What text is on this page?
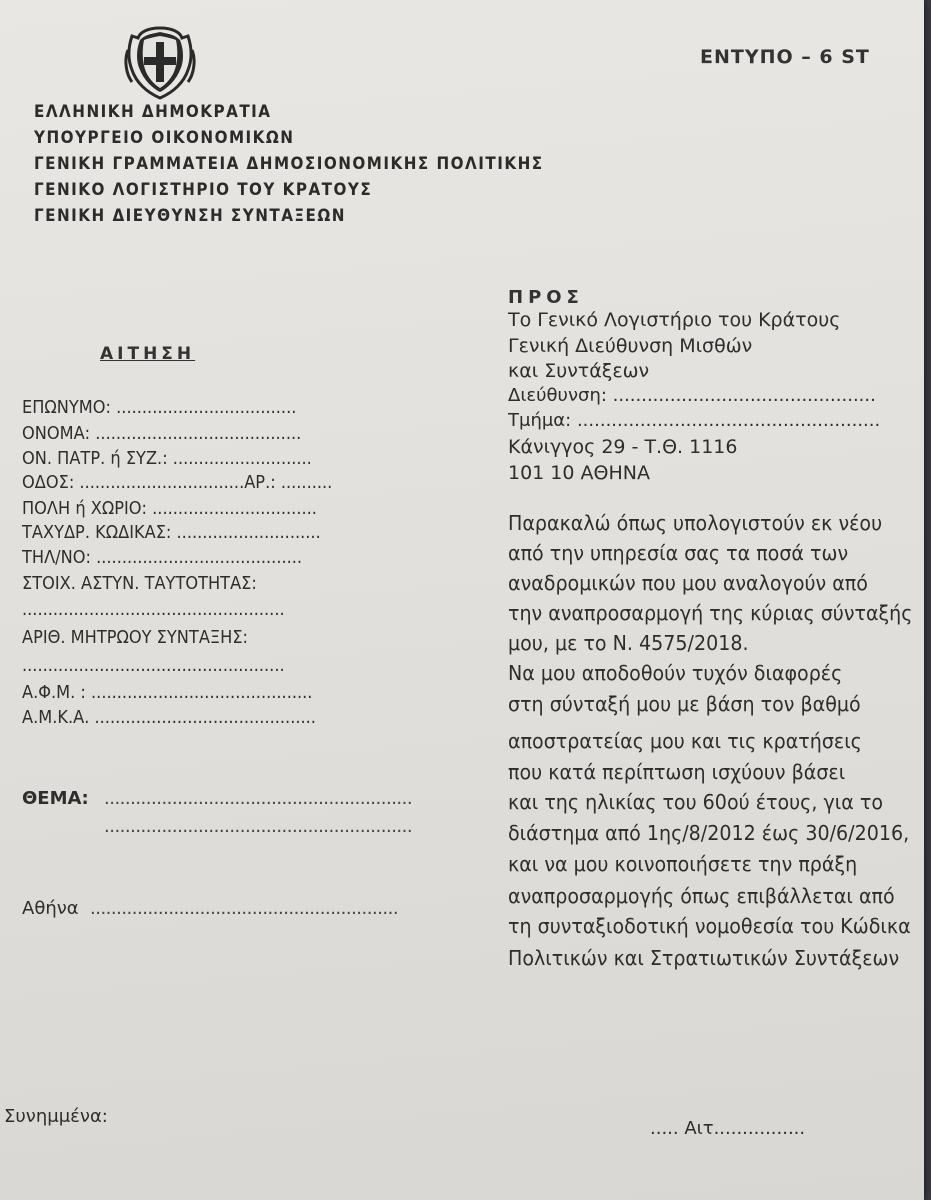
ΕΝΤΥΠΟ – 6 ST
ΕΛΛΗΝΙΚΗ ΔΗΜΟΚΡΑΤΙΑ
ΥΠΟΥΡΓΕΙΟ ΟΙΚΟΝΟΜΙΚΩΝ
ΓΕΝΙΚΗ ΓΡΑΜΜΑΤΕΙΑ ΔΗΜΟΣΙΟΝΟΜΙΚΗΣ ΠΟΛΙΤΙΚΗΣ
ΓΕΝΙΚΟ ΛΟΓΙΣΤΗΡΙΟ ΤΟΥ ΚΡΑΤΟΥΣ
ΓΕΝΙΚΗ ΔΙΕΥΘΥΝΣΗ ΣΥΝΤΑΞΕΩΝ
ΑΙΤΗΣΗ
ΕΠΩΝΥΜΟ: ...................................
ΟΝΟΜΑ: ........................................
ΟΝ. ΠΑΤΡ. ή ΣΥΖ.: ...........................
ΟΔΟΣ: ................................ΑΡ.: ..........
ΠΟΛΗ ή ΧΩΡΙΟ: ................................
ΤΑΧΥΔΡ. ΚΩΔΙΚΑΣ: ............................
ΤΗΛ/ΝΟ: ........................................
ΣΤΟΙΧ. ΑΣΤΥΝ. ΤΑΥΤΟΤΗΤΑΣ:
...................................................
ΑΡΙΘ. ΜΗΤΡΩΟΥ ΣΥΝΤΑΞΗΣ:
...................................................
Α.Φ.Μ. : ...........................................
Α.Μ.Κ.Α. ...........................................
ΘΕΜΑ: ...........................................................
...........................................................
Αθήνα ...........................................................
ΠΡΟΣ
Το Γενικό Λογιστήριο του Κράτους
Γενική Διεύθυνση Μισθών
και Συντάξεων
Διεύθυνση: ..............................................
Τμήμα: .....................................................
Κάνιγγος 29 - Τ.Θ. 1116
101 10 ΑΘΗΝΑ
Παρακαλώ όπως υπολογιστούν εκ νέου
από την υπηρεσία σας τα ποσά των
αναδρομικών που μου αναλογούν από
την αναπροσαρμογή της κύριας σύνταξής
μου, με το Ν. 4575/2018.
Να μου αποδοθούν τυχόν διαφορές
στη σύνταξή μου με βάση τον βαθμό
αποστρατείας μου και τις κρατήσεις
που κατά περίπτωση ισχύουν βάσει
και της ηλικίας του 60ού έτους, για το
διάστημα από 1ης/8/2012 έως 30/6/2016,
και να μου κοινοποιήσετε την πράξη
αναπροσαρμογής όπως επιβάλλεται από
τη συνταξιοδοτική νομοθεσία του Κώδικα
Πολιτικών και Στρατιωτικών Συντάξεων
Συνημμένα:
..... Αιτ................
